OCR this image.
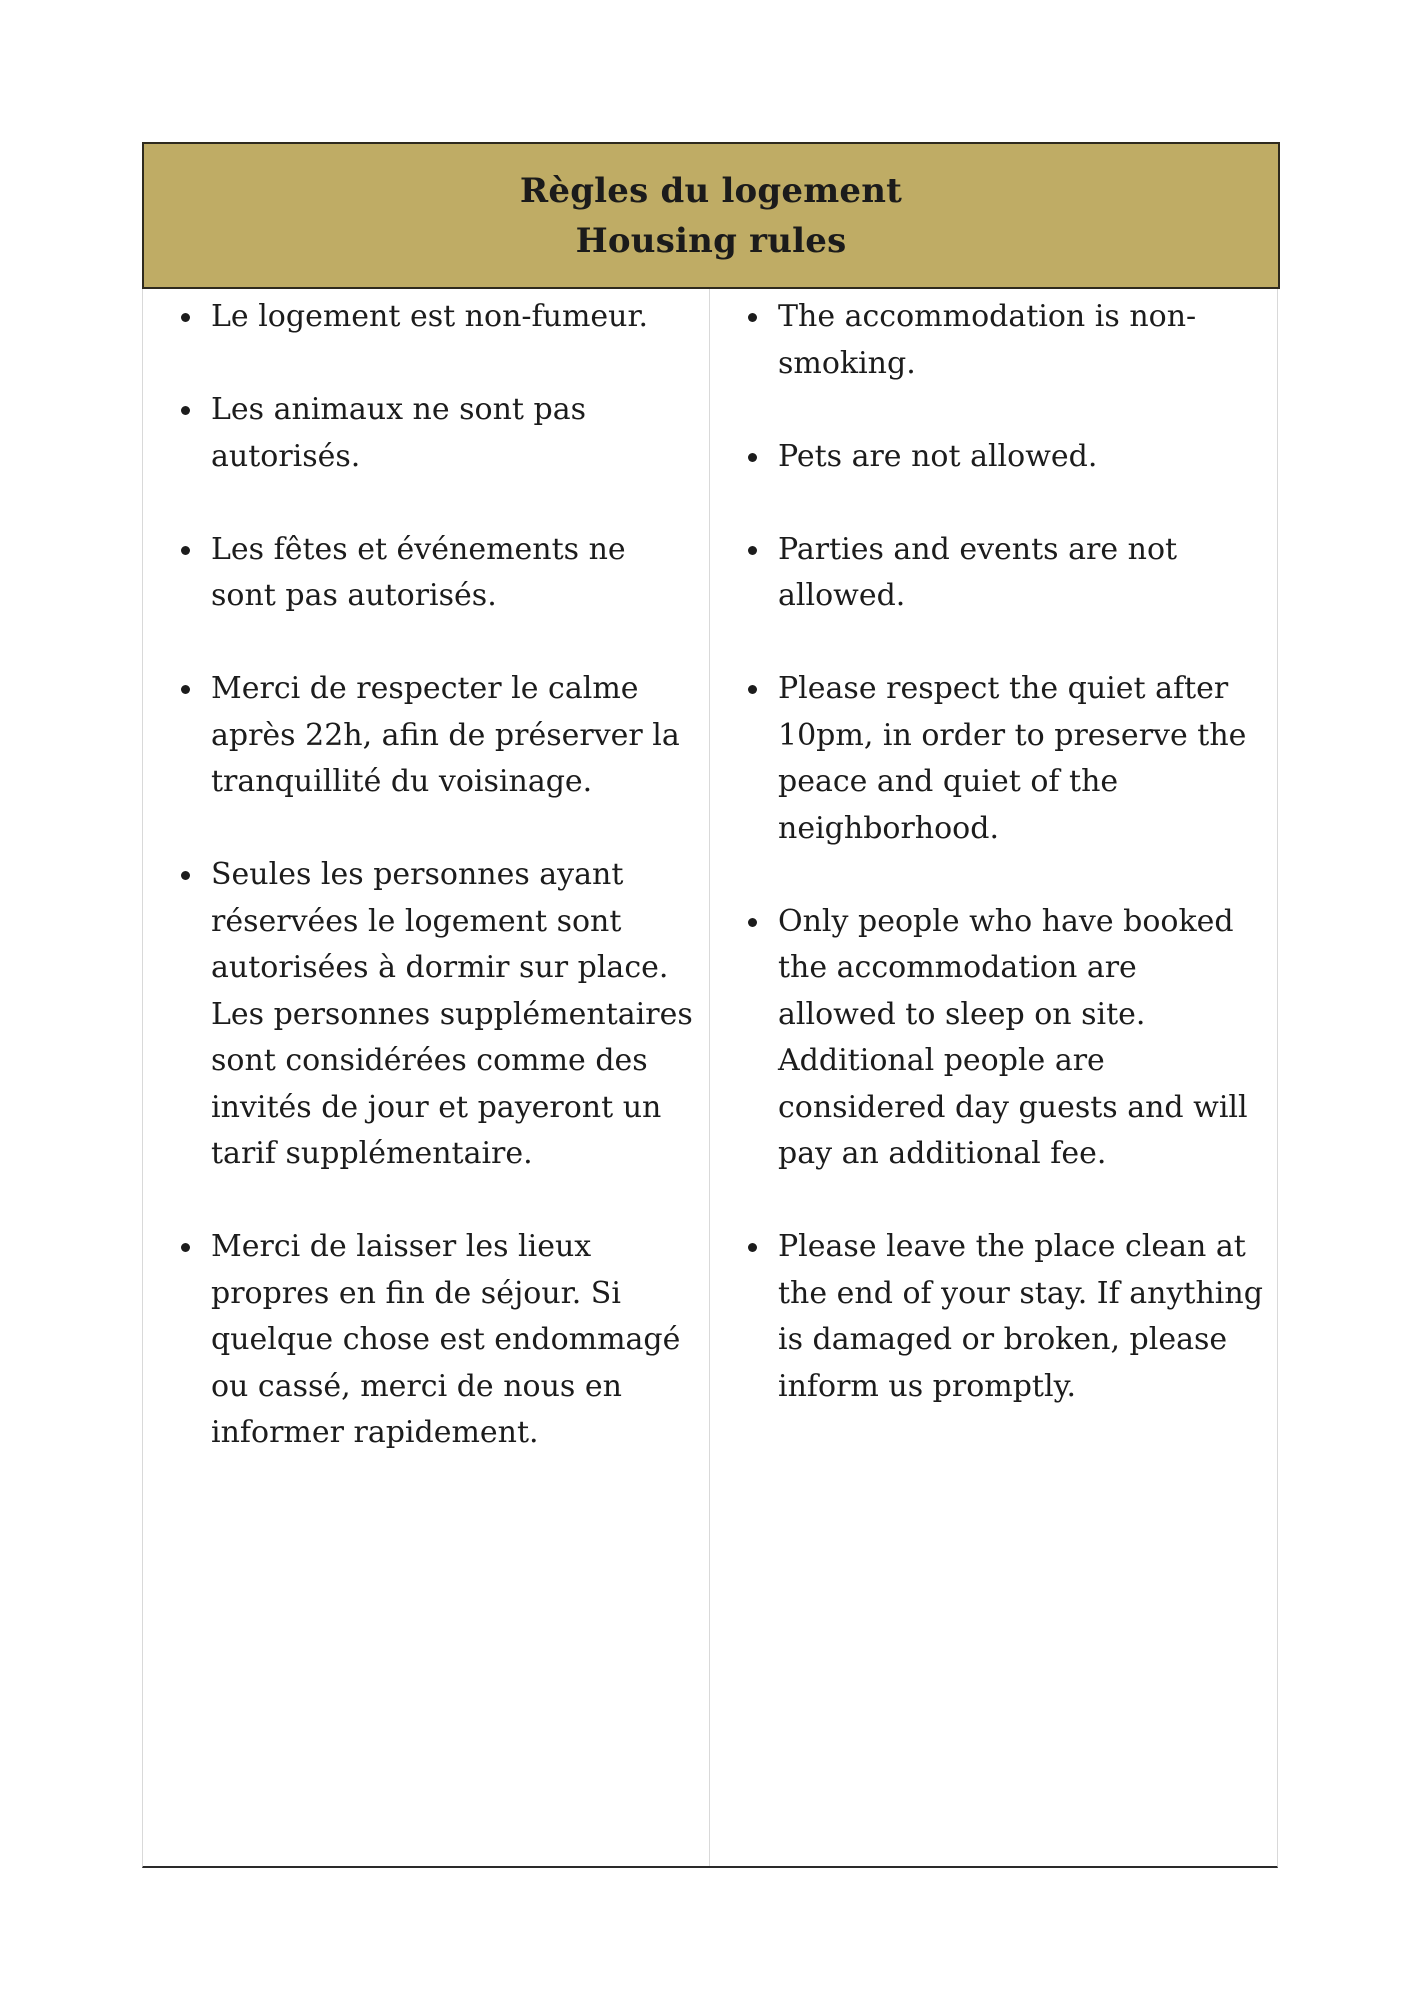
Règles du logement
Housing rules
Le logement est non-fumeur.
Les animaux ne sont pas autorisés.
Les fêtes et événements ne sont pas autorisés.
Merci de respecter le calme après 22h, afin de préserver la tranquillité du voisinage.
Seules les personnes ayant réservées le logement sont autorisées à dormir sur place. Les personnes supplémentaires sont considérées comme des invités de jour et payeront un tarif supplémentaire.
Merci de laisser les lieux propres en fin de séjour. Si quelque chose est endommagé ou cassé, merci de nous en informer rapidement.
The accommodation is non-smoking.
Pets are not allowed.
Parties and events are not allowed.
Please respect the quiet after 10pm, in order to preserve the peace and quiet of the neighborhood.
Only people who have booked the accommodation are allowed to sleep on site. Additional people are considered day guests and will pay an additional fee.
Please leave the place clean at the end of your stay. If anything is damaged or broken, please inform us promptly.
